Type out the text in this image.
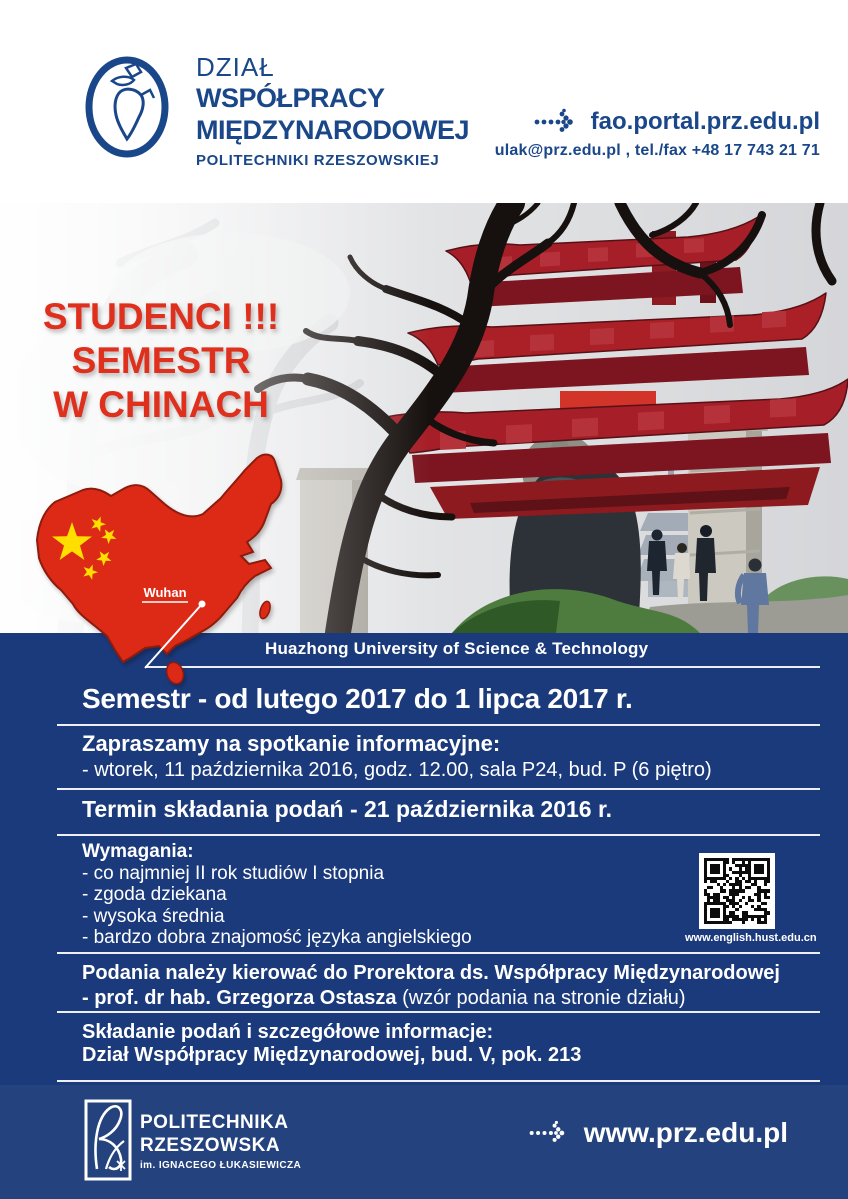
DZIAŁ
WSPÓŁPRACY
MIĘDZYNARODOWEJ
POLITECHNIKI RZESZOWSKIEJ
fao.portal.prz.edu.pl
ulak@prz.edu.pl , tel./fax +48 17 743 21 71
STUDENCI !!!
SEMESTR
W CHINACH
Wuhan
Huazhong University of Science & Technology
Semestr - od lutego 2017 do 1 lipca 2017 r.
Zapraszamy na spotkanie informacyjne:
- wtorek, 11 października 2016, godz. 12.00, sala P24, bud. P (6 piętro)
Termin składania podań - 21 października 2016 r.
Wymagania:
- co najmniej II rok studiów I stopnia
- zgoda dziekana
- wysoka średnia
- bardzo dobra znajomość języka angielskiego	www.english.hust.edu.cn
Podania należy kierować do Prorektora ds. Współpracy Międzynarodowej
- prof. dr hab. Grzegorza Ostasza (wzór podania na stronie działu)
Składanie podań i szczegółowe informacje:
Dział Współpracy Międzynarodowej, bud. V, pok. 213
POLITECHNIKA
RZESZOWSKA
im. IGNACEGO ŁUKASIEWICZA
www.prz.edu.pl
